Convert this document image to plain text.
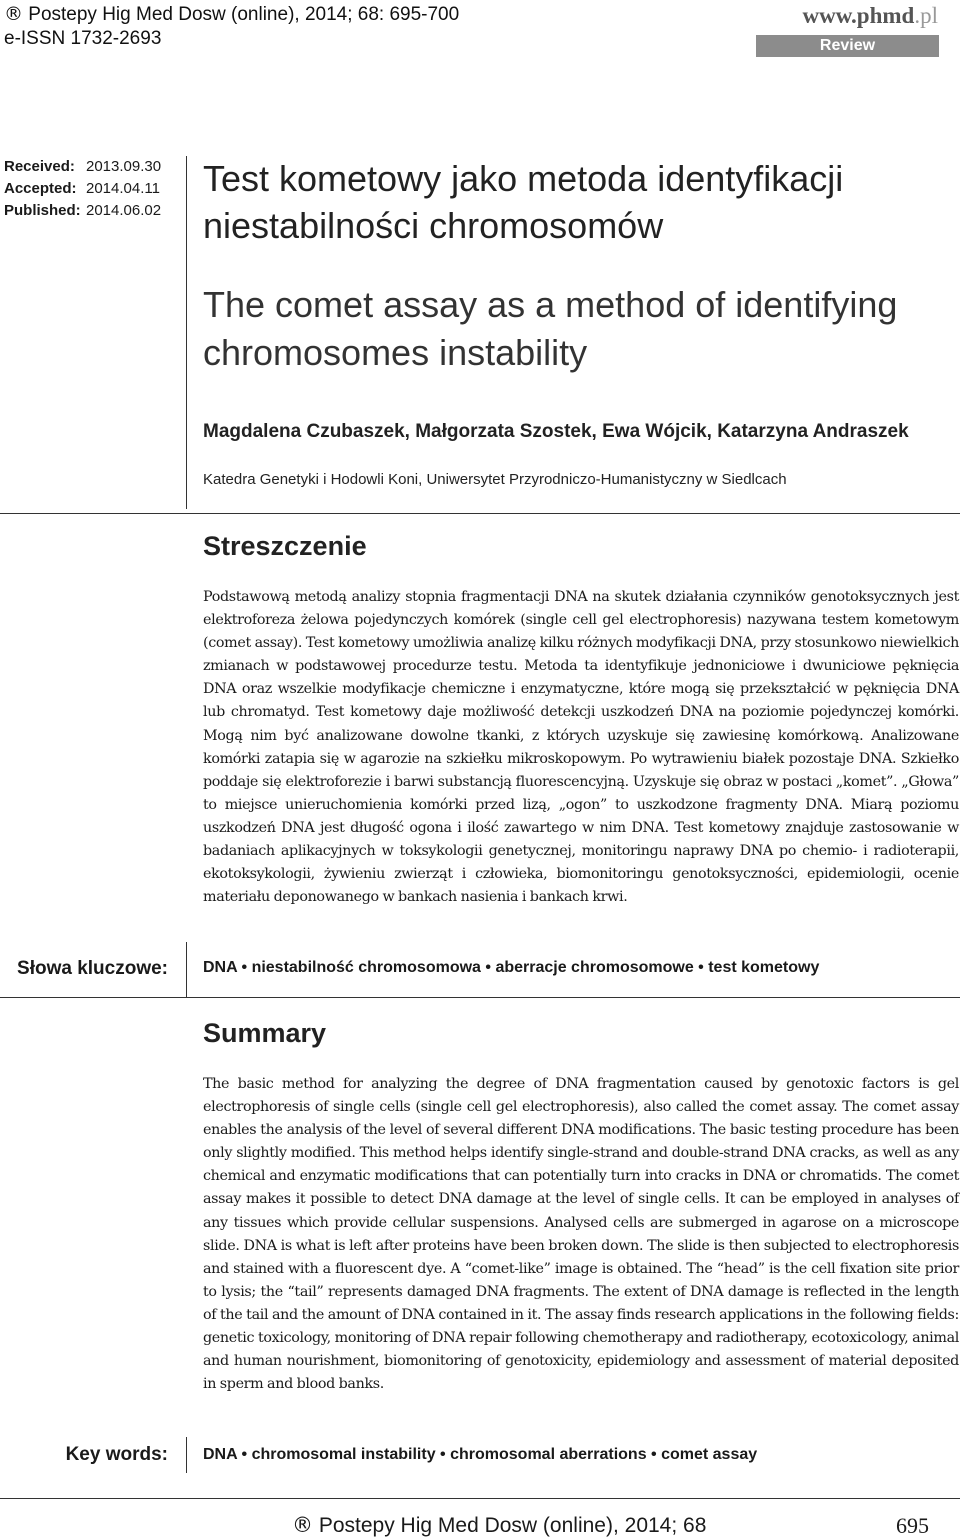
® Postepy Hig Med Dosw (online), 2014; 68: 695-700
e-ISSN 1732-2693
www.phmd.pl
Review
Received: 2013.09.30
Accepted: 2014.04.11
Published: 2014.06.02
Test kometowy jako metoda identyfikacji niestabilności chromosomów
The comet assay as a method of identifying chromosomes instability
Magdalena Czubaszek, Małgorzata Szostek, Ewa Wójcik, Katarzyna Andraszek
Katedra Genetyki i Hodowli Koni, Uniwersytet Przyrodniczo-Humanistyczny w Siedlcach
Streszczenie
Podstawową metodą analizy stopnia fragmentacji DNA na skutek działania czynników genotoksycznych jest elektroforeza żelowa pojedynczych komórek (single cell gel electrophoresis) nazywana testem kometowym (comet assay). Test kometowy umożliwia analizę kilku różnych modyfikacji DNA, przy stosunkowo niewielkich zmianach w podstawowej procedurze testu. Metoda ta identyfikuje jednoniciowe i dwuniciowe pęknięcia DNA oraz wszelkie modyfikacje chemiczne i enzymatyczne, które mogą się przekształcić w pęknięcia DNA lub chromatyd. Test kometowy daje możliwość detekcji uszkodzeń DNA na poziomie pojedynczej komórki. Mogą nim być analizowane dowolne tkanki, z których uzyskuje się zawiesinę komórkową. Analizowane komórki zatapia się w agarozie na szkiełku mikroskopowym. Po wytrawieniu białek pozostaje DNA. Szkiełko poddaje się elektroforezie i barwi substancją fluorescencyjną. Uzyskuje się obraz w postaci „komet”. „Głowa” to miejsce unieruchomienia komórki przed lizą, „ogon” to uszkodzone fragmenty DNA. Miarą poziomu uszkodzeń DNA jest długość ogona i ilość zawartego w nim DNA. Test kometowy znajduje zastosowanie w badaniach aplikacyjnych w toksykologii genetycznej, monitoringu naprawy DNA po chemio- i radioterapii, ekotoksykologii, żywieniu zwierząt i człowieka, biomonitoringu genotoksyczności, epidemiologii, ocenie materiału deponowanego w bankach nasienia i bankach krwi.
Słowa kluczowe: DNA • niestabilność chromosomowa • aberracje chromosomowe • test kometowy
Summary
The basic method for analyzing the degree of DNA fragmentation caused by genotoxic factors is gel electrophoresis of single cells (single cell gel electrophoresis), also called the comet assay. The comet assay enables the analysis of the level of several different DNA modifications. The basic testing procedure has been only slightly modified. This method helps identify single-strand and double-strand DNA cracks, as well as any chemical and enzymatic modifications that can potentially turn into cracks in DNA or chromatids. The comet assay makes it possible to detect DNA damage at the level of single cells. It can be employed in analyses of any tissues which provide cellular suspensions. Analysed cells are submerged in agarose on a microscope slide. DNA is what is left after proteins have been broken down. The slide is then subjected to electrophoresis and stained with a fluorescent dye. A “comet-like” image is obtained. The “head” is the cell fixation site prior to lysis; the “tail” represents damaged DNA fragments. The extent of DNA damage is reflected in the length of the tail and the amount of DNA contained in it. The assay finds research applications in the following fields: genetic toxicology, monitoring of DNA repair following chemotherapy and radiotherapy, ecotoxicology, animal and human nourishment, biomonitoring of genotoxicity, epidemiology and assessment of material deposited in sperm and blood banks.
Key words: DNA • chromosomal instability • chromosomal aberrations • comet assay
® Postepy Hig Med Dosw (online), 2014; 68	695
